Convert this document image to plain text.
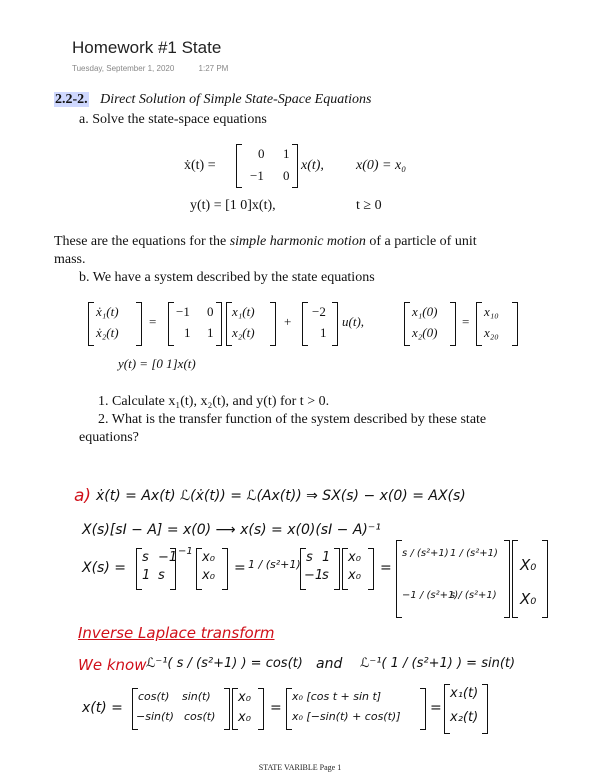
Homework #1 State
Tuesday, September 1, 2020	1:27 PM
2.2-2. Direct Solution of Simple State-Space Equations
a. Solve the state-space equations
ẋ(t) =
0 1
−1 0
x(t), x(0) = x₀
y(t) = [1 0]x(t),	t ≥ 0
These are the equations for the simple harmonic motion of a particle of unit
mass.
b. We have a system described by the state equations
ẋ₁(t)
ẋ₂(t)
=
−1 0
1 1
x₁(t)
x₂(t)
+
−2
1
u(t),
x₁(0)
x₂(0)
=
x₁₀
x₂₀
y(t) = [0 1]x(t)
1. Calculate x₁(t), x₂(t), and y(t) for t > 0.
2. What is the transfer function of the system described by these state
equations?
a) ẋ(t) = Ax(t) ℒ(ẋ(t)) = ℒ(Ax(t)) ⇒ SX(s) − x(0) = AX(s)
X(s)[sI − A] = x(0) ⟶ x(s) = x(0)(sI − A)⁻¹
X(s) =
s −1
1 s
−1 x₀
x₀ = 1 / (s²+1) s 1
−1
s
x₀
x₀ =
s / (s²+1) 1 / (s²+1)
−1 / (s²+1)
s / (s²+1)
X₀
X₀
Inverse Laplace transform
We know ℒ⁻¹( s / (s²+1) ) = cos(t) and ℒ⁻¹( 1 / (s²+1) ) = sin(t)
x(t) =
cos(t) sin(t)
−sin(t) cos(t)
x₀
x₀
=
x₀ [cos t + sin t]
x₀ [−sin(t) + cos(t)]
=
x₁(t)
x₂(t)
STATE VARIBLE Page 1
